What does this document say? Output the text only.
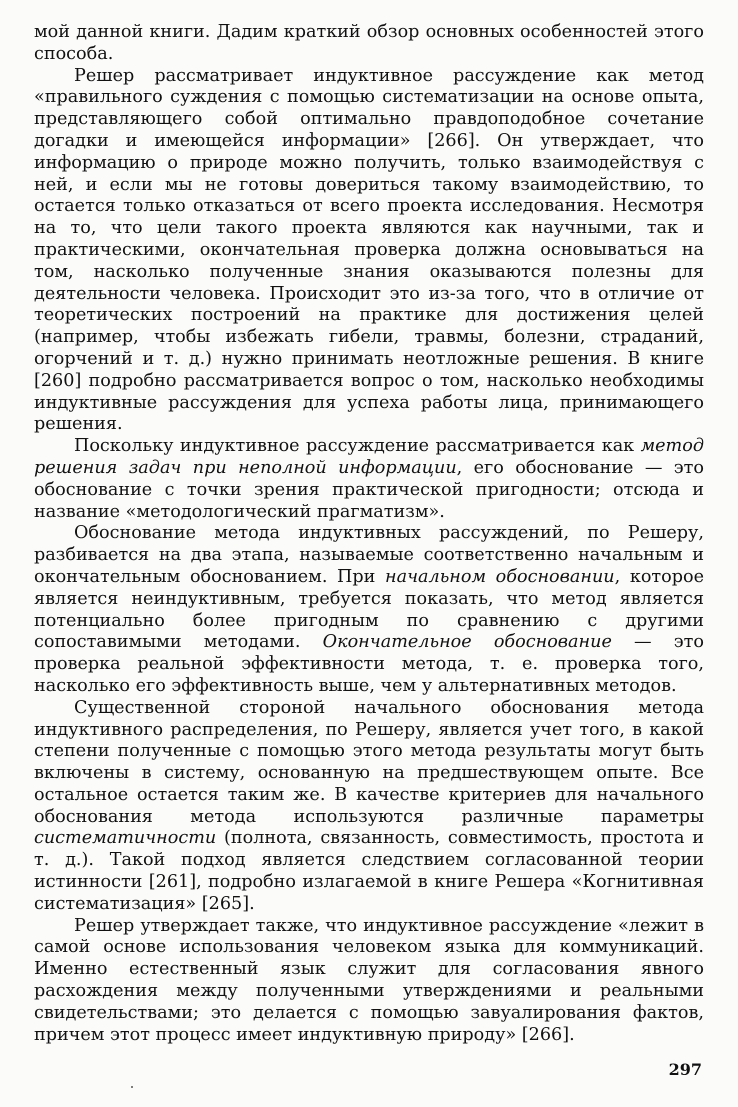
мой данной книги. Дадим краткий обзор основных особенностей этого способа.

Решер рассматривает индуктивное рассуждение как метод «правильного суждения с помощью систематизации на основе опыта, представляющего собой оптимально правдоподобное сочетание догадки и имеющейся информации» [266]. Он утверждает, что информацию о природе можно получить, только взаимодействуя с ней, и если мы не готовы довериться такому взаимодействию, то остается только отказаться от всего проекта исследования. Несмотря на то, что цели такого проекта являются как научными, так и практическими, окончательная проверка должна основываться на том, насколько полученные знания оказываются полезны для деятельности человека. Происходит это из-за того, что в отличие от теоретических построений на практике для достижения целей (например, чтобы избежать гибели, травмы, болезни, страданий, огорчений и т. д.) нужно принимать неотложные решения. В книге [260] подробно рассматривается вопрос о том, насколько необходимы индуктивные рассуждения для успеха работы лица, принимающего решения.

Поскольку индуктивное рассуждение рассматривается как метод решения задач при неполной информации, его обоснование — это обоснование с точки зрения практической пригодности; отсюда и название «методологический прагматизм».

Обоснование метода индуктивных рассуждений, по Решеру, разбивается на два этапа, называемые соответственно начальным и окончательным обоснованием. При начальном обосновании, которое является неиндуктивным, требуется показать, что метод является потенциально более пригодным по сравнению с другими сопоставимыми методами. Окончательное обоснование — это проверка реальной эффективности метода, т. е. проверка того, насколько его эффективность выше, чем у альтернативных методов.

Существенной стороной начального обоснования метода индуктивного распределения, по Решеру, является учет того, в какой степени полученные с помощью этого метода результаты могут быть включены в систему, основанную на предшествующем опыте. Все остальное остается таким же. В качестве критериев для начального обоснования метода используются различные параметры систематичности (полнота, связанность, совместимость, простота и т. д.). Такой подход является следствием согласованной теории истинности [261], подробно излагаемой в книге Решера «Когнитивная систематизация» [265].

Решер утверждает также, что индуктивное рассуждение «лежит в самой основе использования человеком языка для коммуникаций. Именно естественный язык служит для согласования явного расхождения между полученными утверждениями и реальными свидетельствами; это делается с помощью завуалирования фактов, причем этот процесс имеет индуктивную природу» [266].

297
